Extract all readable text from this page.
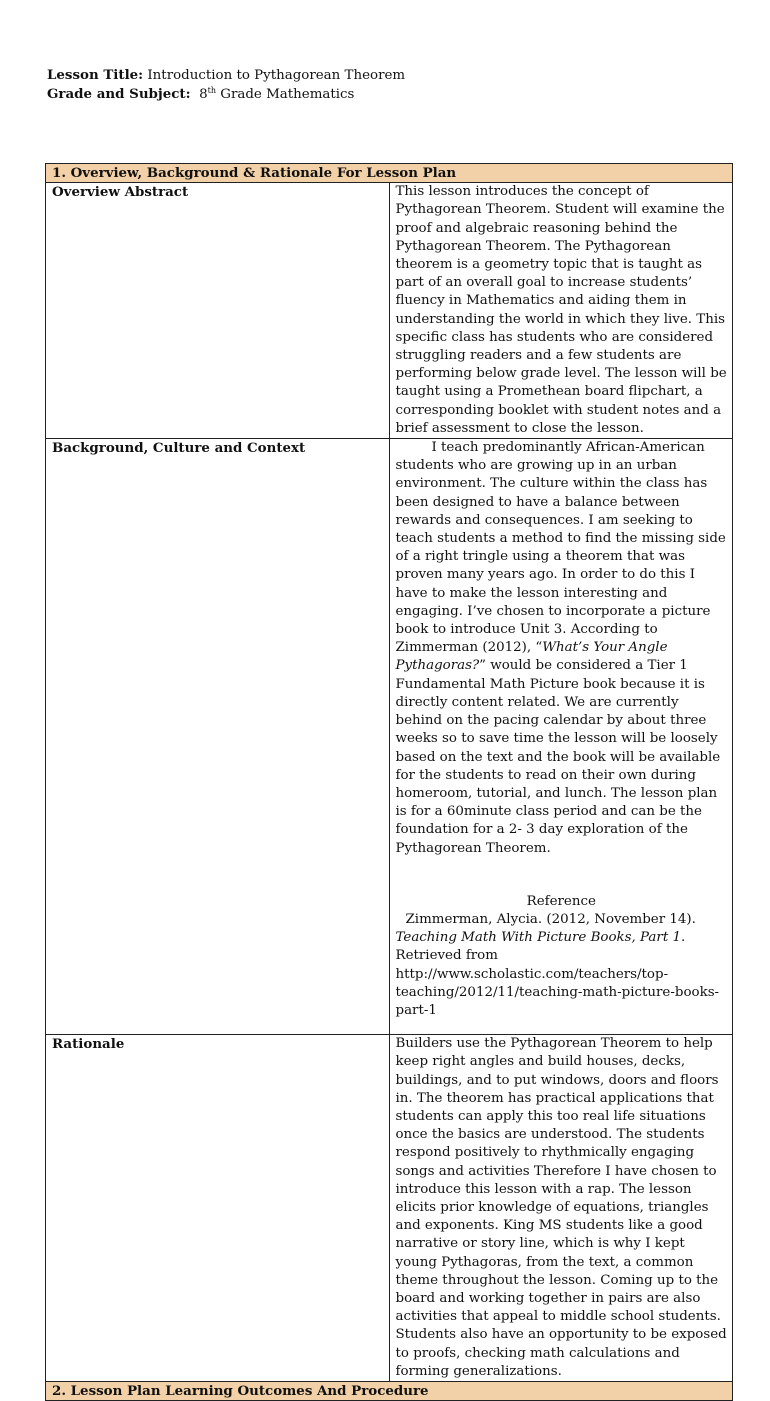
Lesson Title: Introduction to Pythagorean Theorem
Grade and Subject: 8th Grade Mathematics
1. Overview, Background & Rationale For Lesson Plan	
Overview Abstract	This lesson introduces the concept of Pythagorean Theorem. Student will examine the proof and algebraic reasoning behind the Pythagorean Theorem. The Pythagorean theorem is a geometry topic that is taught as part of an overall goal to increase students’ fluency in Mathematics and aiding them in understanding the world in which they live. This specific class has students who are considered struggling readers and a few students are performing below grade level. The lesson will be taught using a Promethean board flipchart, a corresponding booklet with student notes and a brief assessment to close the lesson.

Background, Culture and Context	I teach predominantly African-American students who are growing up in an urban environment. The culture within the class has been designed to have a balance between rewards and consequences. I am seeking to teach students a method to find the missing side of a right tringle using a theorem that was proven many years ago. In order to do this I have to make the lesson interesting and engaging. I’ve chosen to incorporate a picture book to introduce Unit 3. According to Zimmerman (2012), “What’s Your Angle Pythagoras?” would be considered a Tier 1 Fundamental Math Picture book because it is directly content related. We are currently behind on the pacing calendar by about three weeks so to save time the lesson will be loosely based on the text and the book will be available for the students to read on their own during homeroom, tutorial, and lunch. The lesson plan is for a 60minute class period and can be the foundation for a 2- 3 day exploration of the Pythagorean Theorem.

Reference

Zimmerman, Alycia. (2012, November 14). Teaching Math With Picture Books, Part 1. Retrieved from http://www.scholastic.com/teachers/top-teaching/2012/11/teaching-math-picture-books-part-1

Rationale	Builders use the Pythagorean Theorem to help keep right angles and build houses, decks, buildings, and to put windows, doors and floors in. The theorem has practical applications that students can apply this too real life situations once the basics are understood. The students respond positively to rhythmically engaging songs and activities Therefore I have chosen to introduce this lesson with a rap. The lesson elicits prior knowledge of equations, triangles and exponents. King MS students like a good narrative or story line, which is why I kept young Pythagoras, from the text, a common theme throughout the lesson. Coming up to the board and working together in pairs are also activities that appeal to middle school students. Students also have an opportunity to be exposed to proofs, checking math calculations and forming generalizations.

2. Lesson Plan Learning Outcomes And Procedure	
